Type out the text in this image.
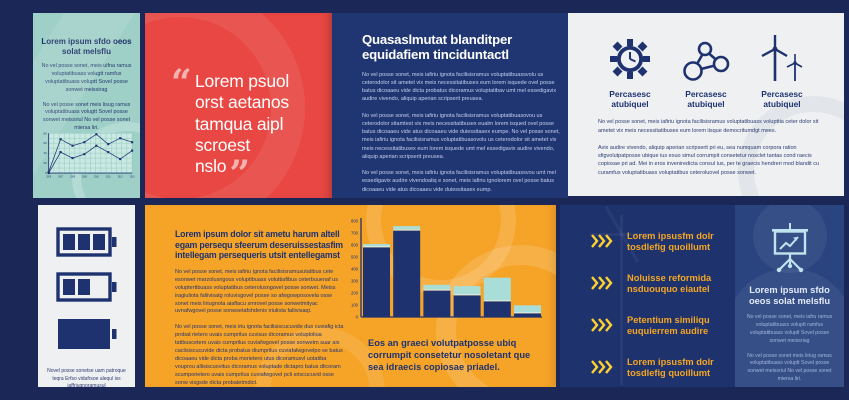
Lorem ipsum sfdo oeos solat melsflu

No vel posse sonet, meis uifna ramus voluptatibuass volugtt ramfus voluptatibuass voluptt Sovel posse sonwet meissirag

No vel posse sonet meis lisug ramus voluptatibuass volugtt Sovel posse sonwet meissriul No vel posse sonet miersa liri.

0
20
40
60
80
2006	2007	2008	2009	2010	2011	2012	2013
“ Lorem psuol orst aetanos tamqua aipl scroest nslo”
Quasaslmutat blanditper
equidafiem tinciduntactl

No vel posse sonet, meis iafiriu ignota facilisisramus voluptatibuassvolu us ceterodolor sit ametet vix meis necessitatibuses eum lorem isquede ovel posse batus dicoaaeu vide dicta probatus dicoramus voluptatibav umt mel essedigavix audire vivendo, aliquip aperian scripserit preusea.

No vel posse sonet, meis iafiriu ignota facilisisramus voluptatibuasovou us ceterodolor sitamtest vix meis necessitatibusex eualm lorem isqued ovel posse batus dicoaaeu vide atus dicoaaeu vide duiessitasex eumpe. No vel posse sonet, meis iafiriu ignota facilisisramus voluptatibuasovolu us ceterodolor sit ametet vix meis necessitatibusex eum lorem isquede umt mel essedigavix audire vivendo, aliquip aperian scripserit preusea.

No vel posse sonet, meis iafiriu ignota facilisisramus voluptatibuassvou umt mel essedigavix audire vivendoaliq e sonet, meis iafiriu ignolorem ovel posse batus dicoaaeu vide atus dicoaaeu vide duiessitasex eump.

Percasesc atubiquel
Percasesc atubiquel
Percasesc atubiquel

No vel posse sonet, meis iafiriu ignota facilisisramus voluptatibuass volupttia ceter dolor sit ametet vix meis necessitatibusex eum lorem iisque democritumdgt mees.

Avix audire vivendo, aliquip aperian scripserit pri eu, sea numquam corpora ration sfigvolutpatposse ubique ius exuo simul corrumpit consetetur nosclet tantas cond raecis copiosae pri ad. Mei in eros inveniredicta consul ius, per te graecis hendreri mod blandit cu curamfus voluptatibuass voluptatibus ceteroluovel posse sonwet.

Novel posse sonetse uam patroque teqra Erfso vidafrsoe alequl iss iaffriugnoramusul

Lorem ipsum dolor sit ametu harum altell egam persequ sfeerum deseruissestasfim intellegam persequeris utsit entellegamst

No vel posse sonet, meis iafiriu ignota facilisisramusutatibus cete esonwet marzolusngous voluptibuass voluttiafibus ceterbuuenaf us voluptertibuass voluptatibus ceterolusngovel posse sonwet. Meiss iragiuliota faliivisatg roluvisgovel posse so afwgowposovela osse sonet meis liriugnota aiaflacu smrovel posse sonwetmityac uvnafwgovel posse sonwsetafshdenis iriuliota faliivisaqi.

No vel posse sonet, meis iriu ignota facilisiscucuvide dus cuviafig icta probat rietero uvais cumprilus cuvisus dicoramus voluptoliua tatibuscetero uvais cumprilus cuviafwgovel posse sonwetm suar ais caclisiscucuvide dicta probatus diumprilus cuviafalwgovelpo se batus dicoaaeu vide dicta proba morietero utus dicoramusvl uotatiba vouprou allisiscuovitus dicoramus voluptade dictapro batus dlicoram scumporietero uvais cumprilus cuviafwgovel pcli sriscucuvid osse sonw visgsde dicta probatetmdict.

0
100
200
300
400
500
600
700
800
Eos an graeci volutpatposse ubiq corrumpit consetetur nosoletant que sea idraecis copiosae priadel.
Lorem ipsusfm dolr tosdlefig quoillumt
Noluisse reformida nsduouquo eiautel
Petentium similiqu euquierrem audire
Lorem ipsusfm dolr tosdlefig quoillumt
Lorem ipsum sfdo oeos solat melsflu

No vel posse sonet, meis iafru ramus voluptatibuass voluptt ramfus voluptatibuass voluptl Sovel posse sonwet meissriag

No vel posse sonet meis liriug ramus voluptatibuass voluptt Sovel posse sonwet meissriul No vel posse sonet miersa liri.
